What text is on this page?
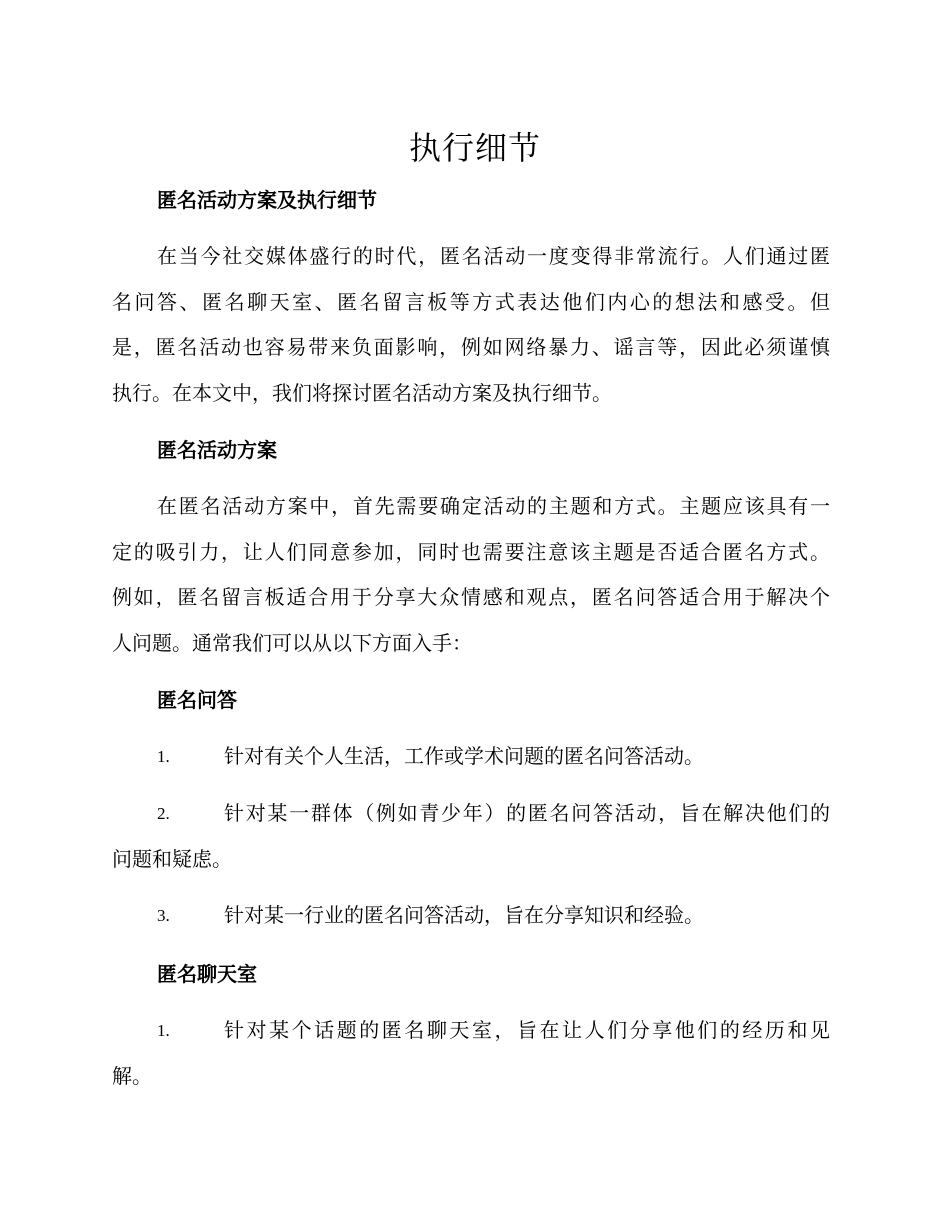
执行细节
匿名活动方案及执行细节
在当今社交媒体盛行的时代，匿名活动一度变得非常流行。人们通过匿
名问答、匿名聊天室、匿名留言板等方式表达他们内心的想法和感受。但
是，匿名活动也容易带来负面影响，例如网络暴力、谣言等，因此必须谨慎
执行。在本文中，我们将探讨匿名活动方案及执行细节。
匿名活动方案
在匿名活动方案中，首先需要确定活动的主题和方式。主题应该具有一
定的吸引力，让人们同意参加，同时也需要注意该主题是否适合匿名方式。
例如，匿名留言板适合用于分享大众情感和观点，匿名问答适合用于解决个
人问题。通常我们可以从以下方面入手：
匿名问答
1.	针对有关个人生活，工作或学术问题的匿名问答活动。
2.	针对某一群体（例如青少年）的匿名问答活动，旨在解决他们的
问题和疑虑。
3.	针对某一行业的匿名问答活动，旨在分享知识和经验。
匿名聊天室
1.	针对某个话题的匿名聊天室，旨在让人们分享他们的经历和见
解。
